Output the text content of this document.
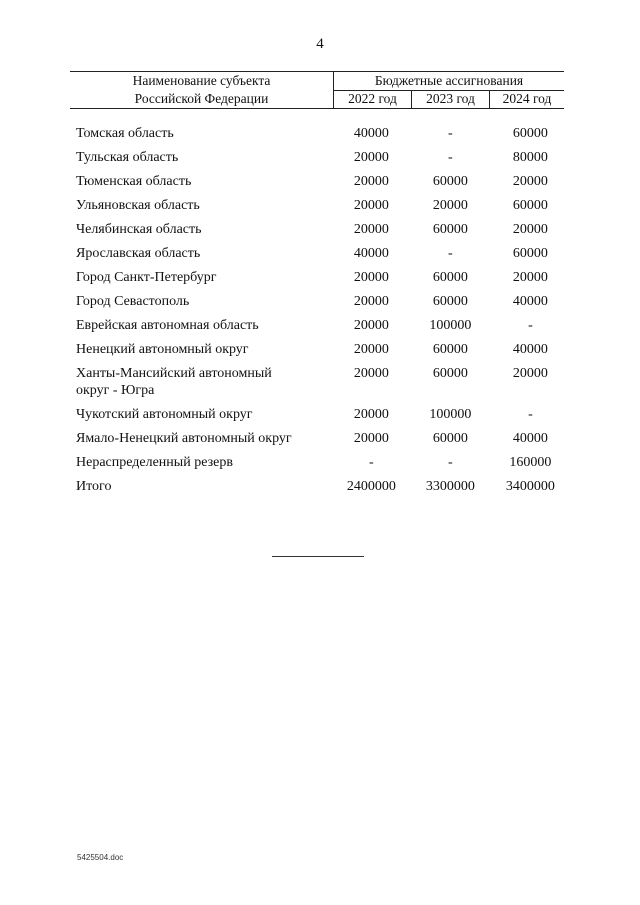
4
Наименование субъекта
Российской Федерации
Бюджетные ассигнования
2022 год	2023 год	2024 год
Томская область	40000	-	60000
Тульская область	20000	-	80000
Тюменская область	20000	60000	20000
Ульяновская область	20000	20000	60000
Челябинская область	20000	60000	20000
Ярославская область	40000	-	60000
Город Санкт-Петербург	20000	60000	20000
Город Севастополь	20000	60000	40000
Еврейская автономная область	20000	100000	-
Ненецкий автономный округ	20000	60000	40000
Ханты-Мансийский автономный
округ - Югра
20000	60000	20000
Чукотский автономный округ	20000	100000	-
Ямало-Ненецкий автономный округ	20000	60000	40000
Нераспределенный резерв	-	-	160000
Итого	2400000	3300000	3400000
5425504.doc
